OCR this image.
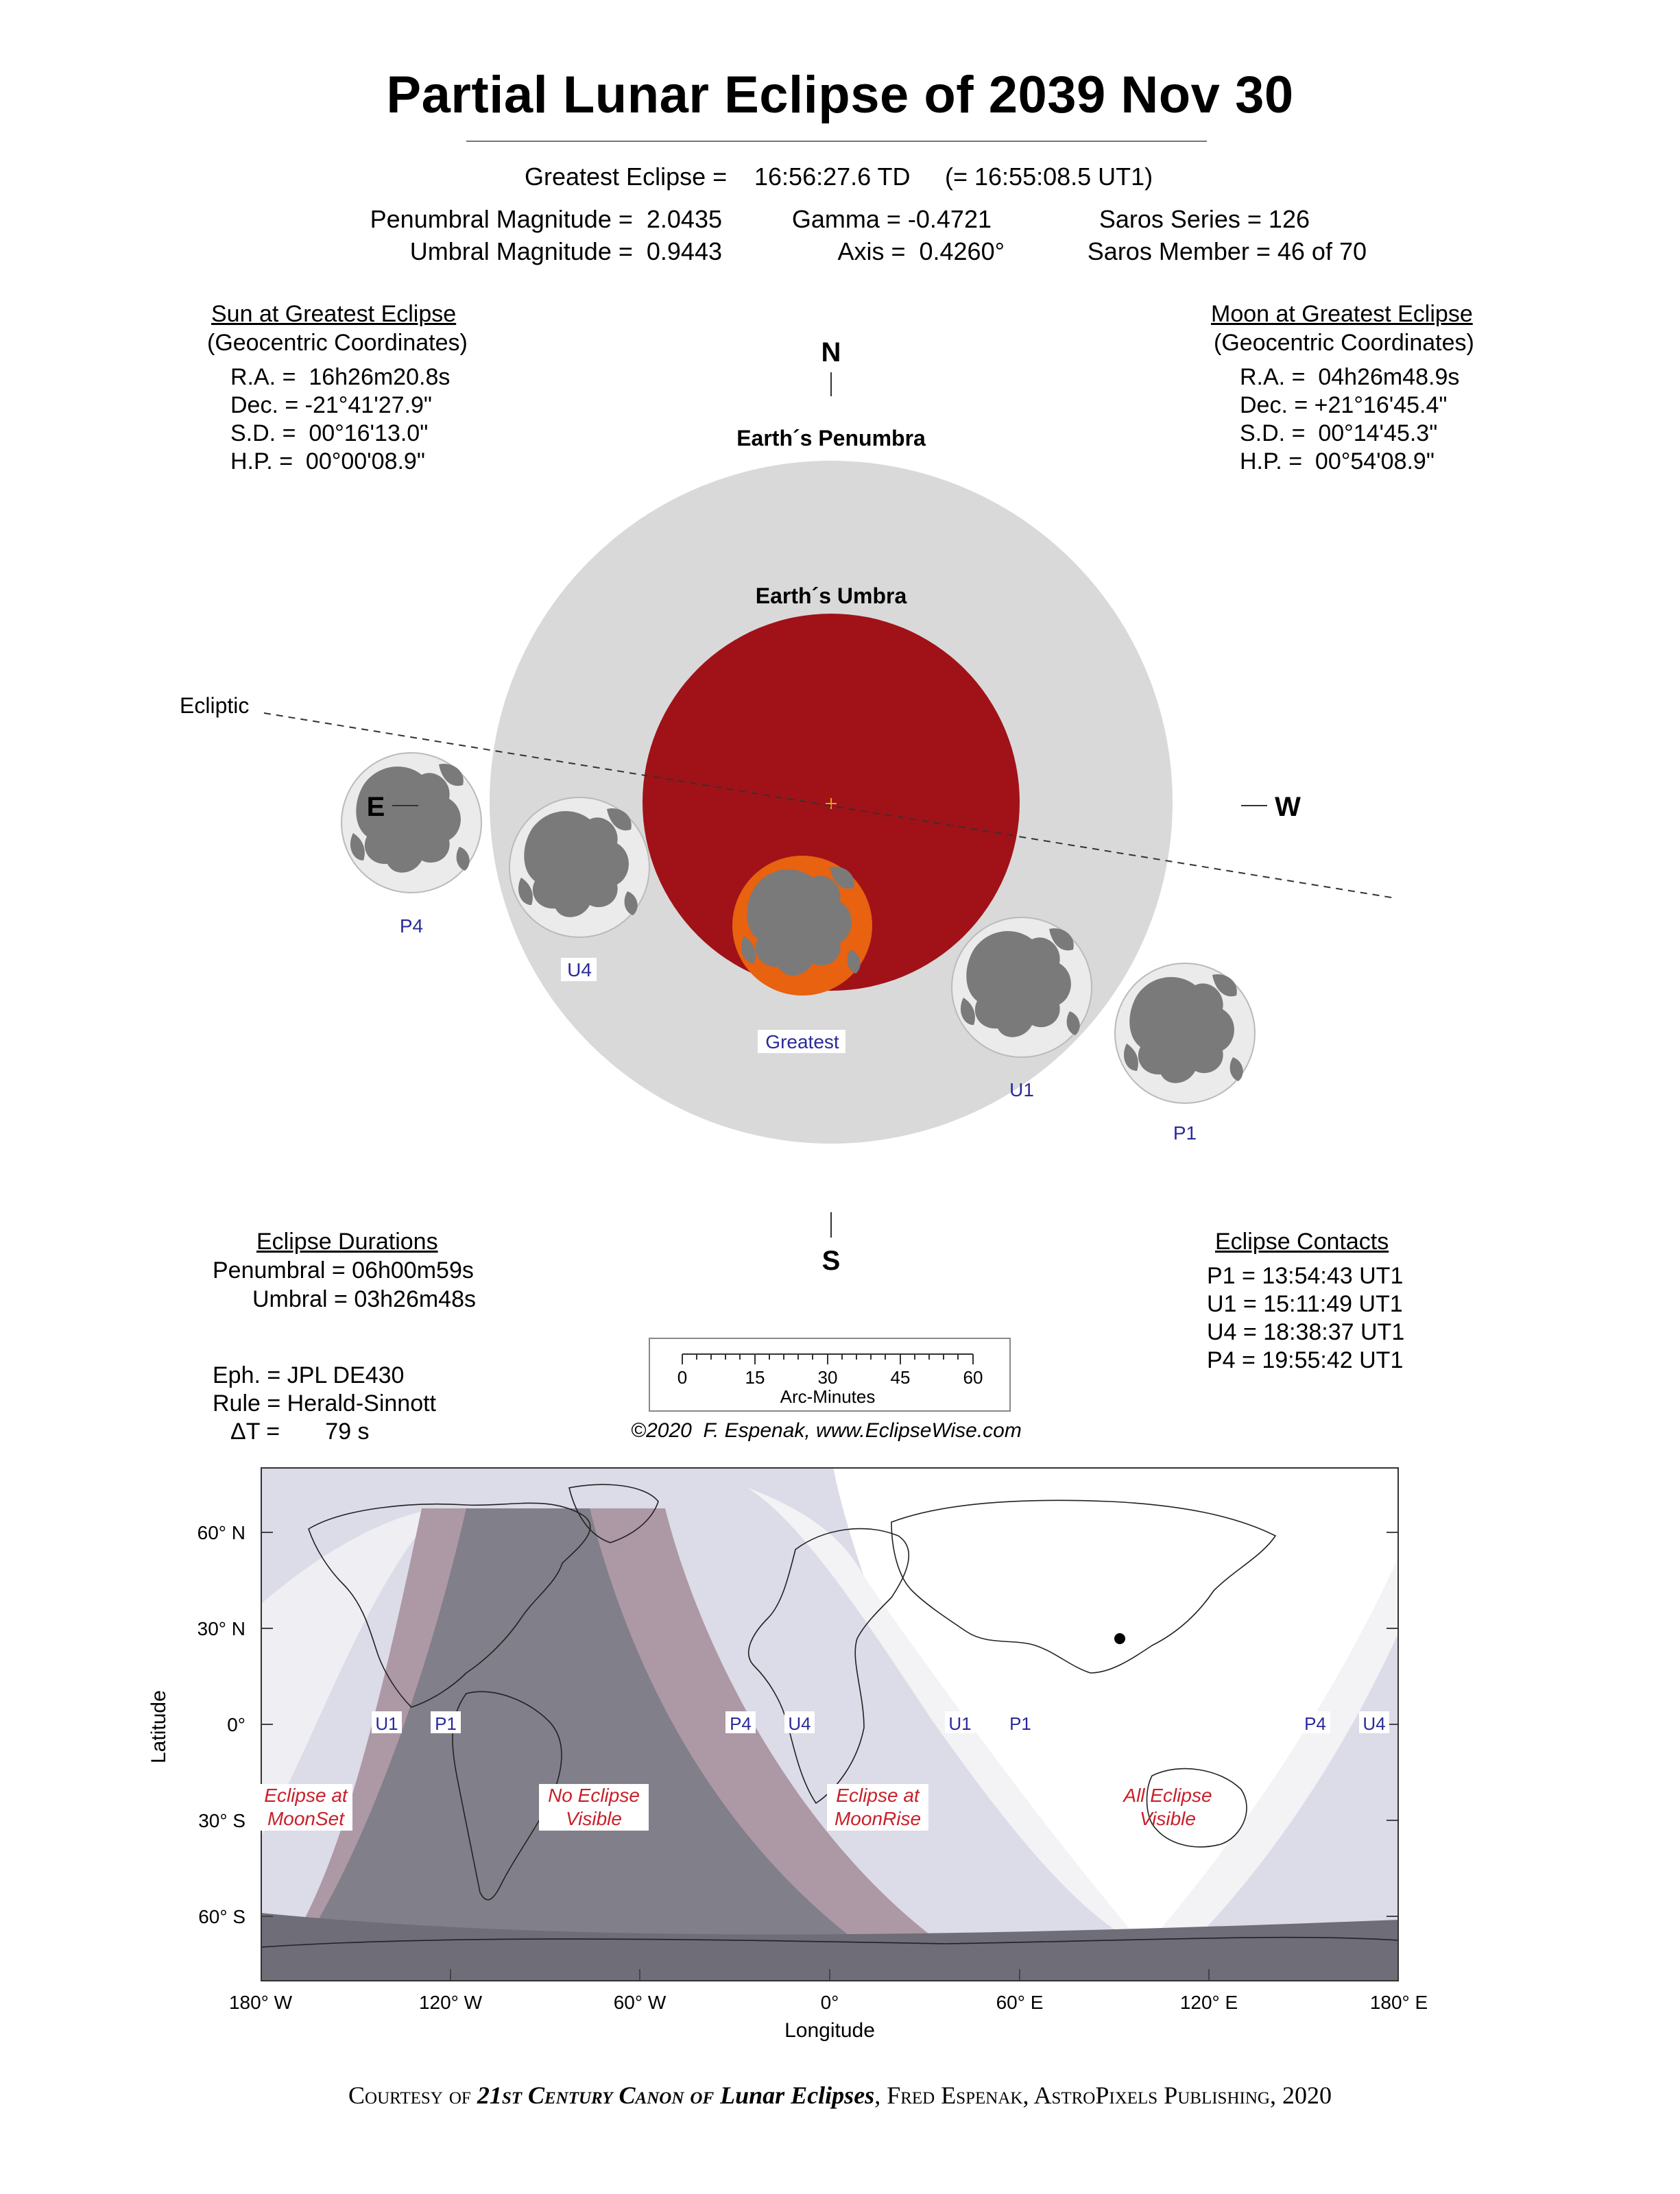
Partial Lunar Eclipse of 2039 Nov 30
Greatest Eclipse = 16:56:27.6 TD (= 16:55:08.5 UT1)
Penumbral Magnitude =  2.0435
Umbral Magnitude =  0.9443
Gamma = -0.4721
Axis =  0.4260°
Saros Series = 126
Saros Member = 46 of 70
Sun at Greatest Eclipse
(Geocentric Coordinates)
R.A. =  16h26m20.8s
Dec. = -21°41'27.9"
S.D. =  00°16'13.0"
H.P. =  00°00'08.9"
Moon at Greatest Eclipse
(Geocentric Coordinates)
R.A. =  04h26m48.9s
Dec. = +21°16'45.4"
S.D. =  00°14'45.3"
H.P. =  00°54'08.9"
Ecliptic
N
S
Earth´s Penumbra
Earth´s Umbra
E	W
P4
U4
Greatest
U1
P1
Eclipse Durations
Penumbral = 06h00m59s
Umbral = 03h26m48s
Eph. = JPL DE430
Rule = Herald-Sinnott
ΔT =       79 s
Eclipse Contacts
P1 = 13:54:43 UT1
U1 = 15:11:49 UT1
U4 = 18:38:37 UT1
P4 = 19:55:42 UT1
0	15	30	45	60
Arc-Minutes
©2020  F. Espenak, www.EclipseWise.com
U1 P1	P4 U4	U1 P1	P4 U4
Eclipse at
MoonSet
No Eclipse
Visible
Eclipse at
MoonRise
All Eclipse
Visible
60° N
30° N
0°
30° S
60° S
Latitude
180° W	120° W	60° W	0°	60° E	120° E	180° E
Longitude
Courtesy of 21st Century Canon of Lunar Eclipses, Fred Espenak, AstroPixels Publishing, 2020
